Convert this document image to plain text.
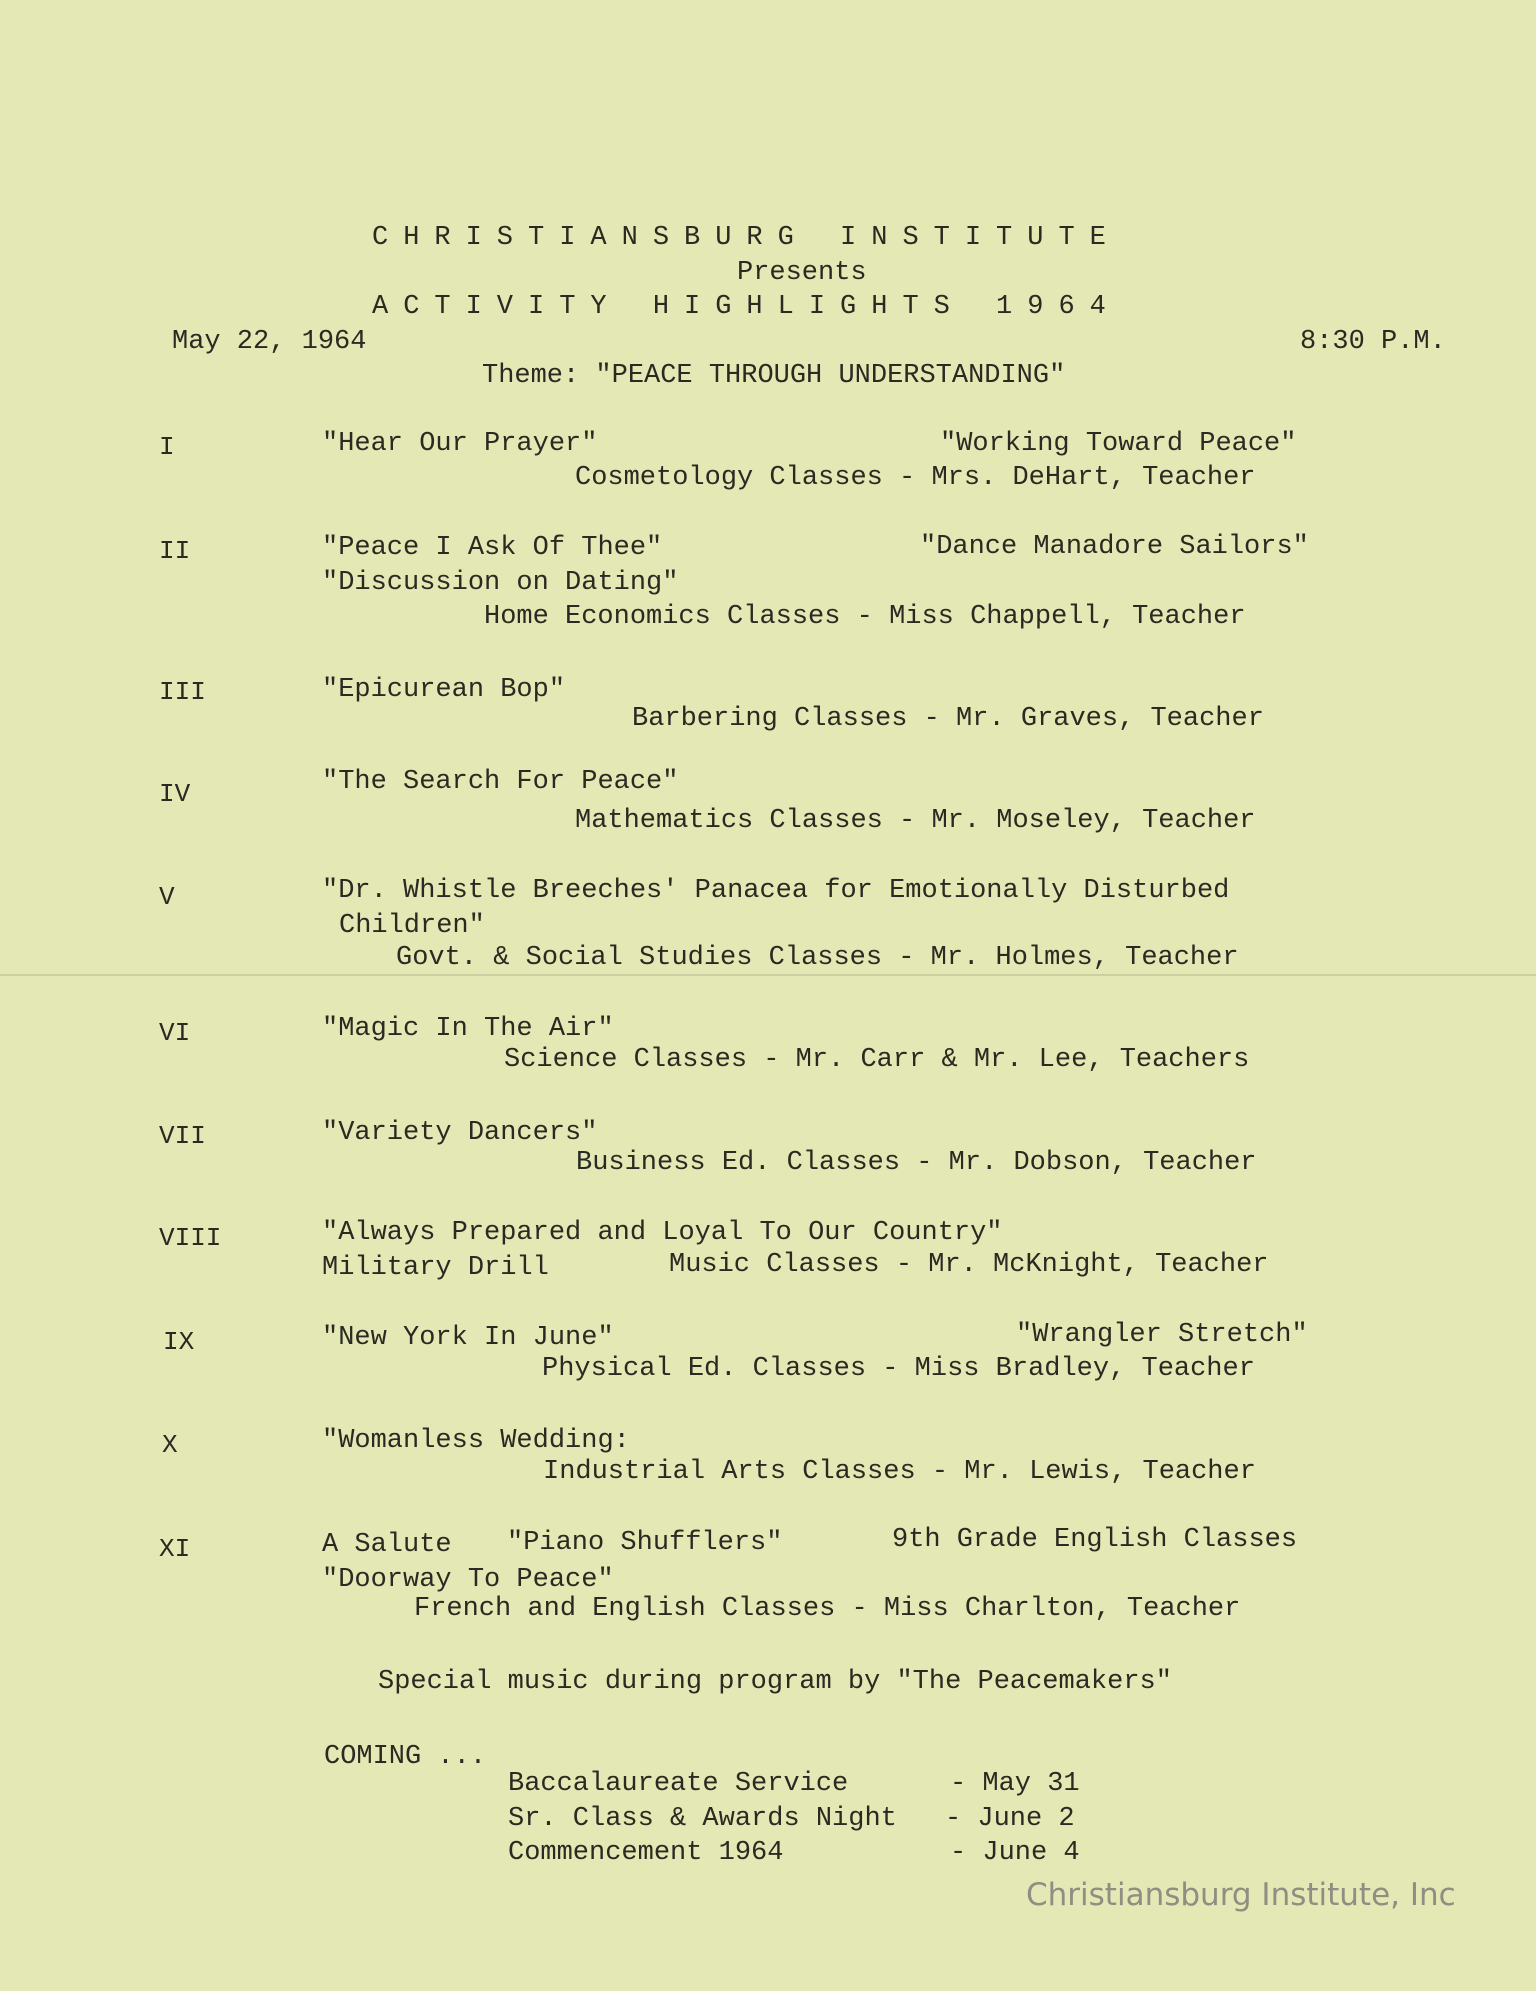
CHRISTIANSBURG INSTITUTE
Presents
ACTIVITY HIGHLIGHTS 1964
May 22, 1964	8:30 P.M.
Theme: "PEACE THROUGH UNDERSTANDING"
I	"Hear Our Prayer"	"Working Toward Peace"
Cosmetology Classes - Mrs. DeHart, Teacher
II	"Peace I Ask Of Thee"	"Dance Manadore Sailors"
"Discussion on Dating"
Home Economics Classes - Miss Chappell, Teacher
III	"Epicurean Bop"
Barbering Classes - Mr. Graves, Teacher
IV	"The Search For Peace"
Mathematics Classes - Mr. Moseley, Teacher
V	"Dr. Whistle Breeches' Panacea for Emotionally Disturbed
Children"
Govt. & Social Studies Classes - Mr. Holmes, Teacher
VI	"Magic In The Air"
Science Classes - Mr. Carr & Mr. Lee, Teachers
VII	"Variety Dancers"
Business Ed. Classes - Mr. Dobson, Teacher
VIII	"Always Prepared and Loyal To Our Country"
Military Drill	Music Classes - Mr. McKnight, Teacher
IX	"New York In June"	"Wrangler Stretch"
Physical Ed. Classes - Miss Bradley, Teacher
X	"Womanless Wedding:
Industrial Arts Classes - Mr. Lewis, Teacher
XI	A Salute "Piano Shufflers"	9th Grade English Classes
"Doorway To Peace"
French and English Classes - Miss Charlton, Teacher
Special music during program by "The Peacemakers"
COMING ...
Baccalaureate Service	- May 31
Sr. Class & Awards Night - June 2
Commencement 1964	- June 4
Christiansburg Institute, Inc
